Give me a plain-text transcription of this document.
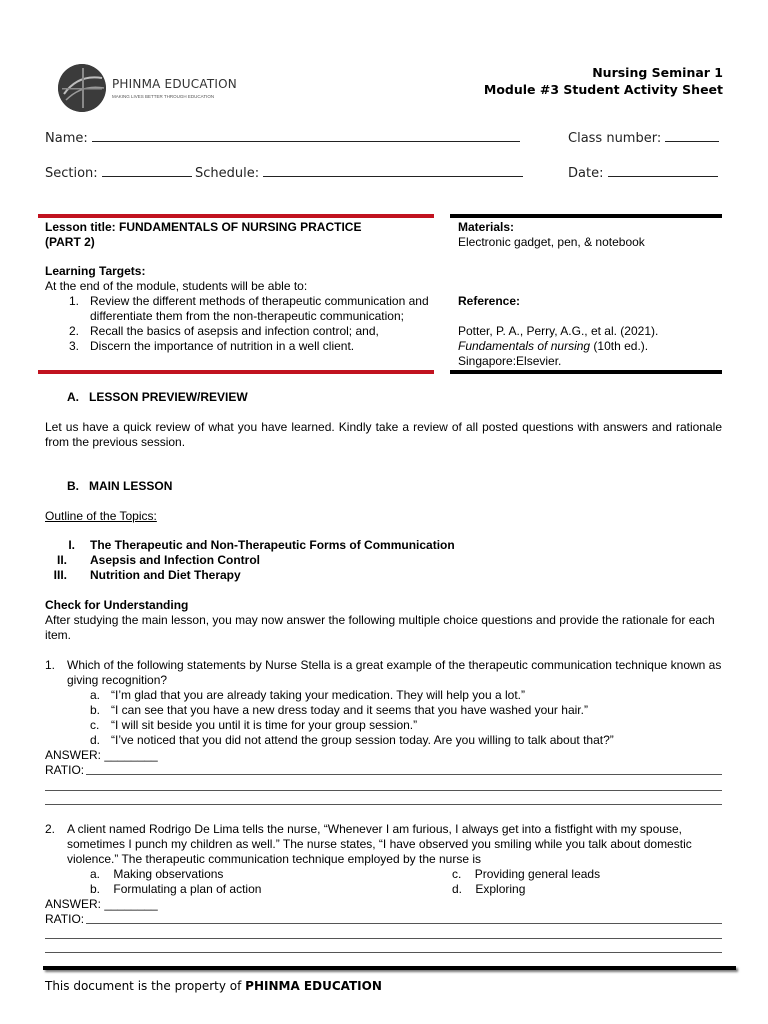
PHINMA EDUCATION
MAKING LIVES BETTER THROUGH EDUCATION
Nursing Seminar 1
Module #3 Student Activity Sheet
Name:	Class number:
Section:	Schedule:	Date:
Lesson title: FUNDAMENTALS OF NURSING PRACTICE
(PART 2)
Learning Targets:
At the end of the module, students will be able to:
1. Review the different methods of therapeutic communication and differentiate them from the non-therapeutic communication;
2. Recall the basics of asepsis and infection control; and,
3. Discern the importance of nutrition in a well client.
Materials:
Electronic gadget, pen, & notebook
Reference:
Potter, P. A., Perry, A.G., et al. (2021).
Fundamentals of nursing (10th ed.).
Singapore:Elsevier.
A. LESSON PREVIEW/REVIEW
Let us have a quick review of what you have learned. Kindly take a review of all posted questions with answers and rationale from the previous session.
B. MAIN LESSON
Outline of the Topics:
I. The Therapeutic and Non-Therapeutic Forms of Communication
II. Asepsis and Infection Control
III. Nutrition and Diet Therapy
Check for Understanding
After studying the main lesson, you may now answer the following multiple choice questions and provide the rationale for each item.
1. Which of the following statements by Nurse Stella is a great example of the therapeutic communication technique known as giving recognition?
a. “I’m glad that you are already taking your medication. They will help you a lot.”
b. “I can see that you have a new dress today and it seems that you have washed your hair.”
c. “I will sit beside you until it is time for your group session.”
d. “I’ve noticed that you did not attend the group session today. Are you willing to talk about that?”
ANSWER: ________
RATIO:
2. A client named Rodrigo De Lima tells the nurse, “Whenever I am furious, I always get into a fistfight with my spouse, sometimes I punch my children as well.” The nurse states, “I have observed you smiling while you talk about domestic violence.” The therapeutic communication technique employed by the nurse is
a. Making observations
b. Formulating a plan of action
c. Providing general leads
d. Exploring
ANSWER: ________
RATIO:
This document is the property of PHINMA EDUCATION
